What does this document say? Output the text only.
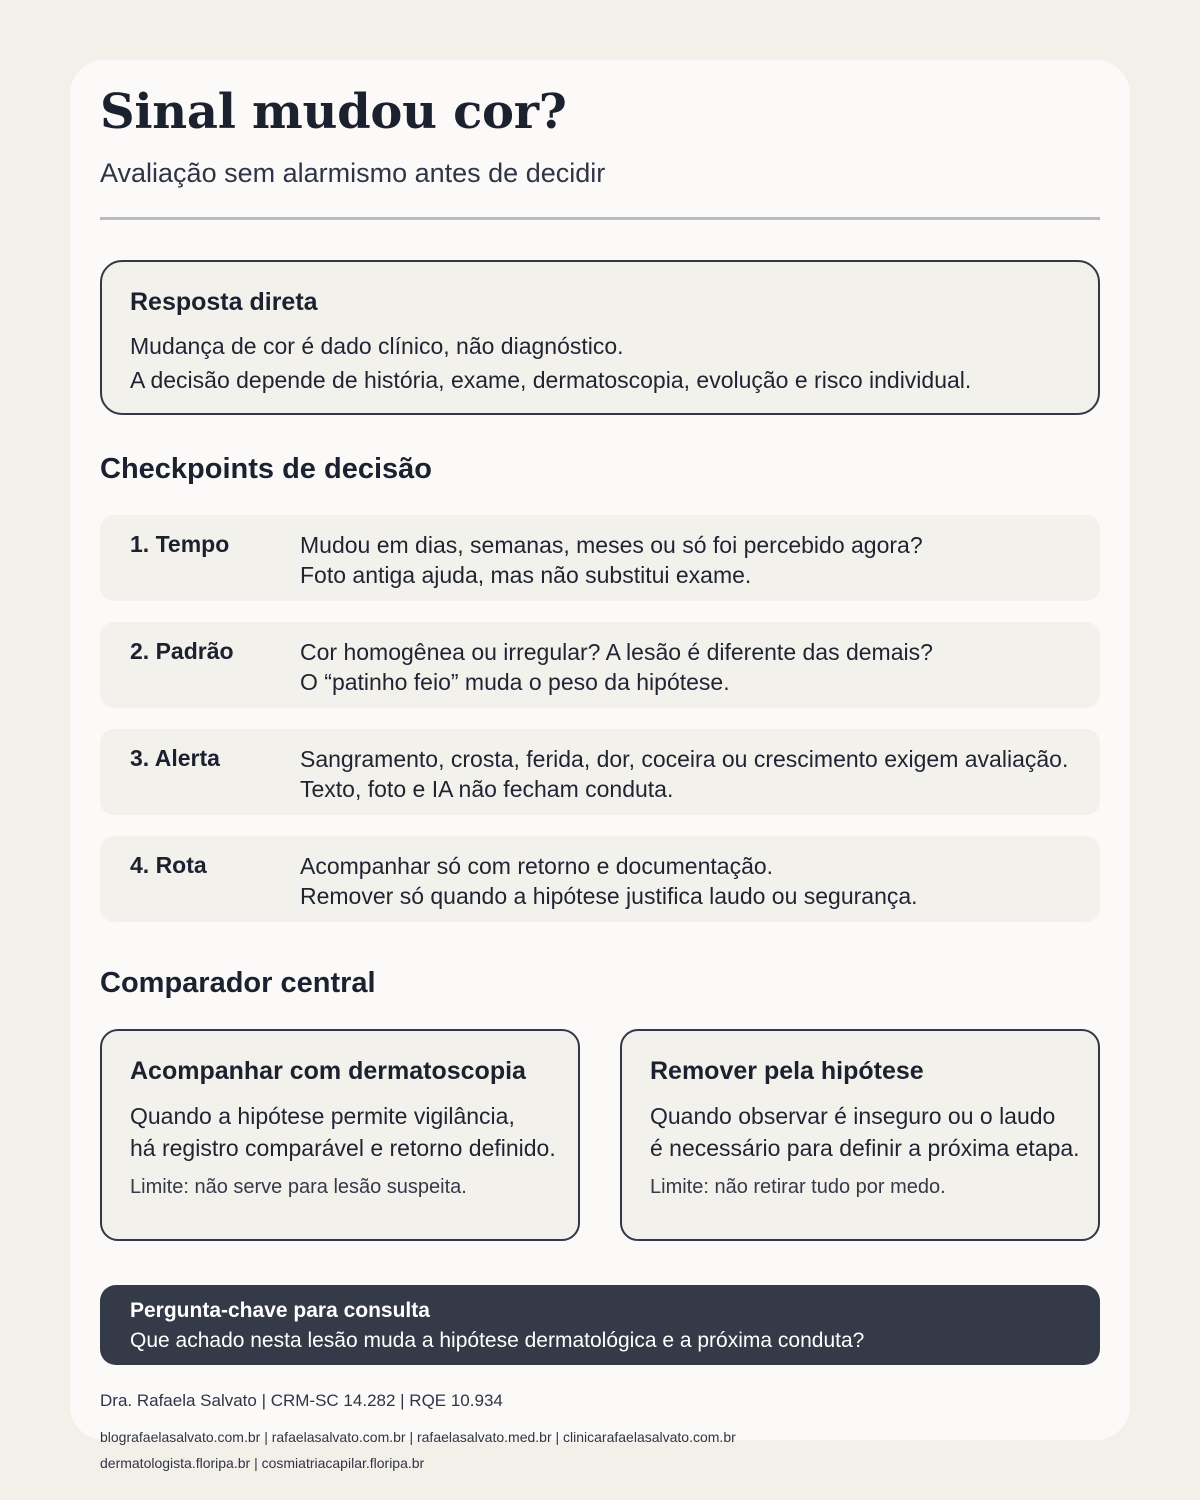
Sinal mudou cor?
Avaliação sem alarmismo antes de decidir
Resposta direta

Mudança de cor é dado clínico, não diagnóstico.

A decisão depende de história, exame, dermatoscopia, evolução e risco individual.

Checkpoints de decisão
1. Tempo	Mudou em dias, semanas, meses ou só foi percebido agora?
Foto antiga ajuda, mas não substitui exame.
2. Padrão	Cor homogênea ou irregular? A lesão é diferente das demais?
O “patinho feio” muda o peso da hipótese.
3. Alerta	Sangramento, crosta, ferida, dor, coceira ou crescimento exigem avaliação.
Texto, foto e IA não fecham conduta.
4. Rota	Acompanhar só com retorno e documentação.
Remover só quando a hipótese justifica laudo ou segurança.
Comparador central
Acompanhar com dermatoscopia
Quando a hipótese permite vigilância,
há registro comparável e retorno definido.
Limite: não serve para lesão suspeita.
Remover pela hipótese
Quando observar é inseguro ou o laudo
é necessário para definir a próxima etapa.
Limite: não retirar tudo por medo.
Pergunta-chave para consulta
Que achado nesta lesão muda a hipótese dermatológica e a próxima conduta?
Dra. Rafaela Salvato | CRM-SC 14.282 | RQE 10.934
blografaelasalvato.com.br | rafaelasalvato.com.br | rafaelasalvato.med.br | clinicarafaelasalvato.com.br
dermatologista.floripa.br | cosmiatriacapilar.floripa.br
